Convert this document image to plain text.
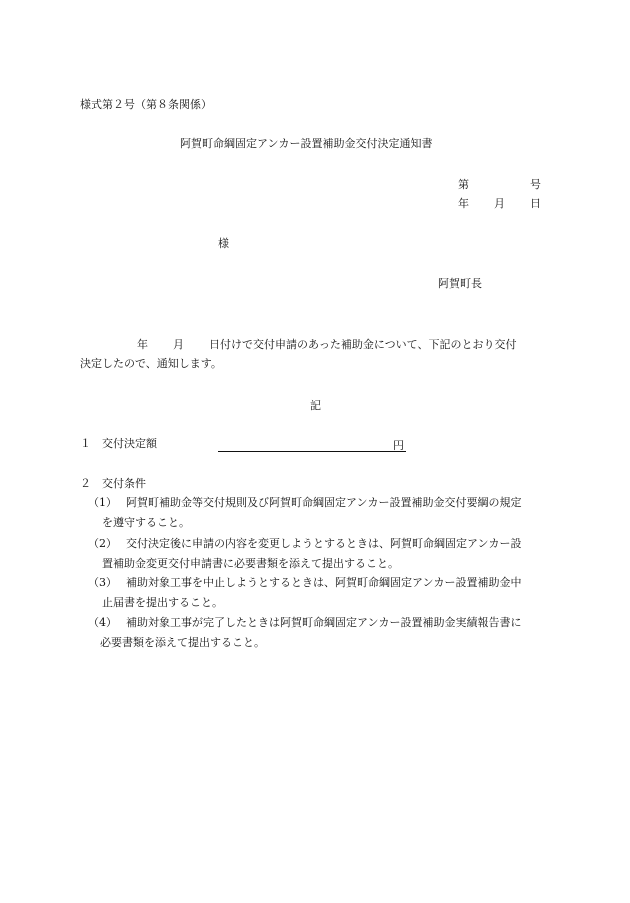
様式第２号（第８条関係）
阿賀町命綱固定アンカー設置補助金交付決定通知書
第	号
年 月 日
様
阿賀町長
年 月 日付けで交付申請のあった補助金について、下記のとおり交付
決定したので、通知します。
記
１　交付決定額	円
２　交付条件
（1） 阿賀町補助金等交付規則及び阿賀町命綱固定アンカー設置補助金交付要綱の規定
を遵守すること。
（2） 交付決定後に申請の内容を変更しようとするときは、阿賀町命綱固定アンカー設
置補助金変更交付申請書に必要書類を添えて提出すること。
（3） 補助対象工事を中止しようとするときは、阿賀町命綱固定アンカー設置補助金中
止届書を提出すること。
（4） 補助対象工事が完了したときは阿賀町命綱固定アンカー設置補助金実績報告書に
必要書類を添えて提出すること。
